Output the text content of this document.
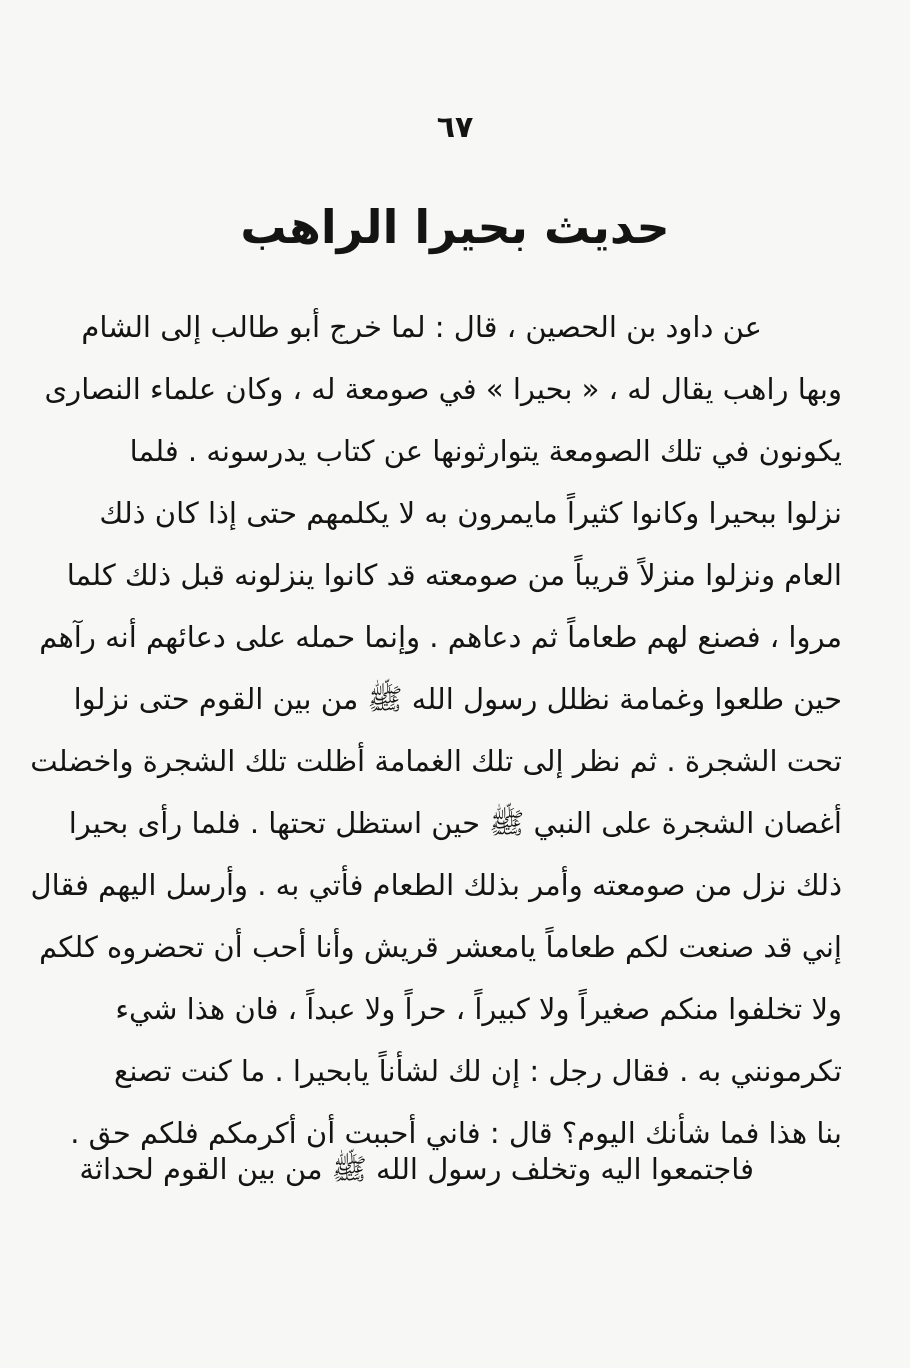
٦٧
حديث بحيرا الراهب
عن داود بن الحصين ، قال : لما خرج أبو طالب إلى الشام
وبها راهب يقال له ، « بحيرا » في صومعة له ، وكان علماء النصارى
يكونون في تلك الصومعة يتوارثونها عن كتاب يدرسونه . فلما
نزلوا ببحيرا وكانوا كثيراً مايمرون به لا يكلمهم حتى إذا كان ذلك
العام ونزلوا منزلاً قريباً من صومعته قد كانوا ينزلونه قبل ذلك كلما
مروا ، فصنع لهم طعاماً ثم دعاهم . وإنما حمله على دعائهم أنه رآهم
حين طلعوا وغمامة نظلل رسول الله ﷺ من بين القوم حتى نزلوا
تحت الشجرة . ثم نظر إلى تلك الغمامة أظلت تلك الشجرة واخضلت
أغصان الشجرة على النبي ﷺ حين استظل تحتها . فلما رأى بحيرا
ذلك نزل من صومعته وأمر بذلك الطعام فأتي به . وأرسل اليهم فقال
إني قد صنعت لكم طعاماً يامعشر قريش وأنا أحب أن تحضروه كلكم
ولا تخلفوا منكم صغيراً ولا كبيراً ، حراً ولا عبداً ، فان هذا شيء
تكرمونني به . فقال رجل : إن لك لشأناً يابحيرا . ما كنت تصنع
بنا هذا فما شأنك اليوم؟ قال : فاني أحببت أن أكرمكم فلكم حق .
فاجتمعوا اليه وتخلف رسول الله ﷺ من بين القوم لحداثة
